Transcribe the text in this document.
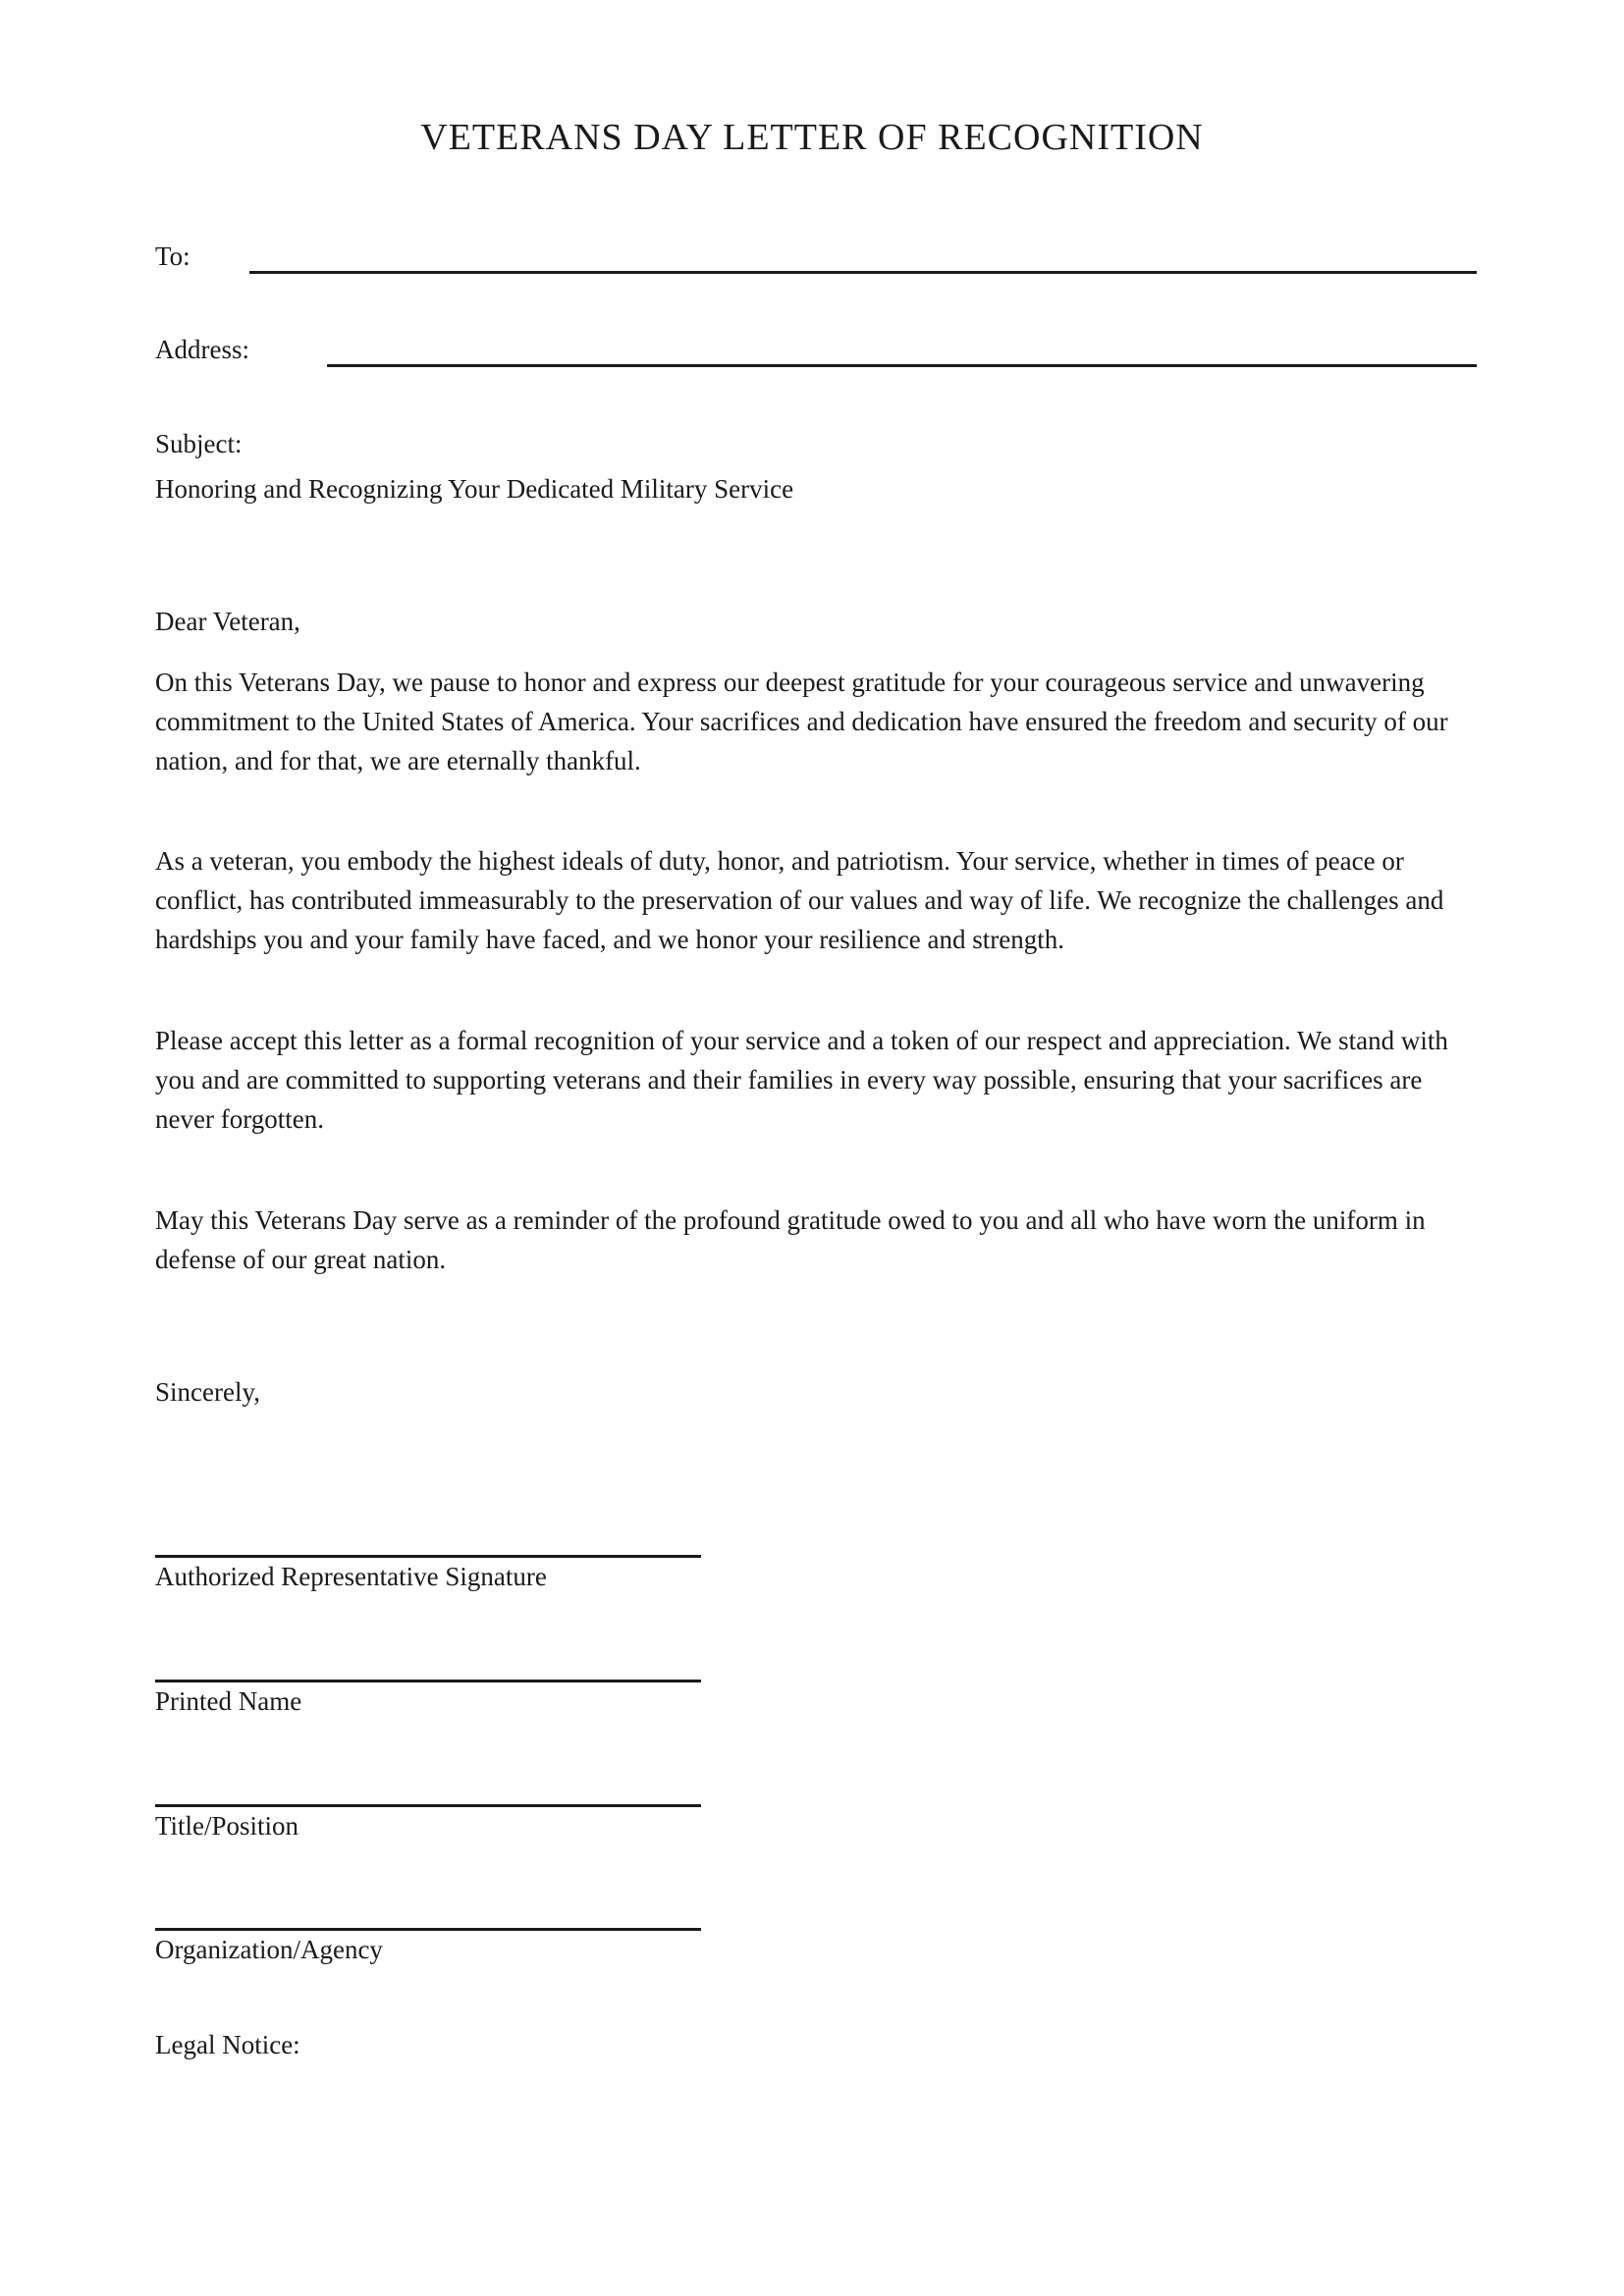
VETERANS DAY LETTER OF RECOGNITION
To:
Address:
Subject:
Honoring and Recognizing Your Dedicated Military Service
Dear Veteran,

On this Veterans Day, we pause to honor and express our deepest gratitude for your courageous service and unwavering commitment to the United States of America. Your sacrifices and dedication have ensured the freedom and security of our nation, and for that, we are eternally thankful.

As a veteran, you embody the highest ideals of duty, honor, and patriotism. Your service, whether in times of peace or conflict, has contributed immeasurably to the preservation of our values and way of life. We recognize the challenges and hardships you and your family have faced, and we honor your resilience and strength.

Please accept this letter as a formal recognition of your service and a token of our respect and appreciation. We stand with you and are committed to supporting veterans and their families in every way possible, ensuring that your sacrifices are never forgotten.

May this Veterans Day serve as a reminder of the profound gratitude owed to you and all who have worn the uniform in defense of our great nation.

Sincerely,
Authorized Representative Signature
Printed Name
Title/Position
Organization/Agency
Legal Notice:
